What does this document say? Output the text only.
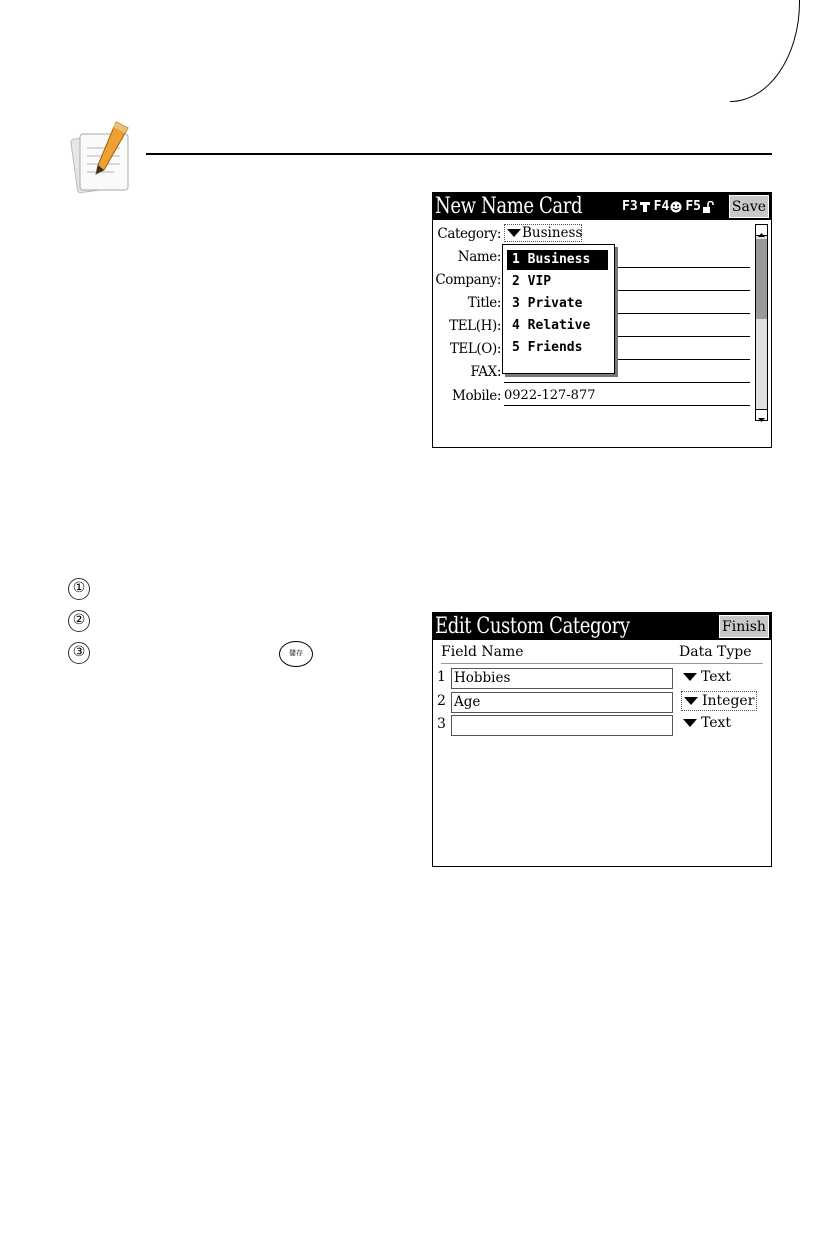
New Name Card	F3 F4 F5 Save
Category:	Business
Name:
Company:
Title:
TEL(H):
TEL(O):
FAX:
Mobile: 0922-127-877
1 Business
2 VIP
3 Private
4 Relative
5 Friends
①
②
③	儲存
Edit Custom Category	Finish
Field Name	Data Type
1 Hobbies	Text
2 Age	Integer
3	Text
